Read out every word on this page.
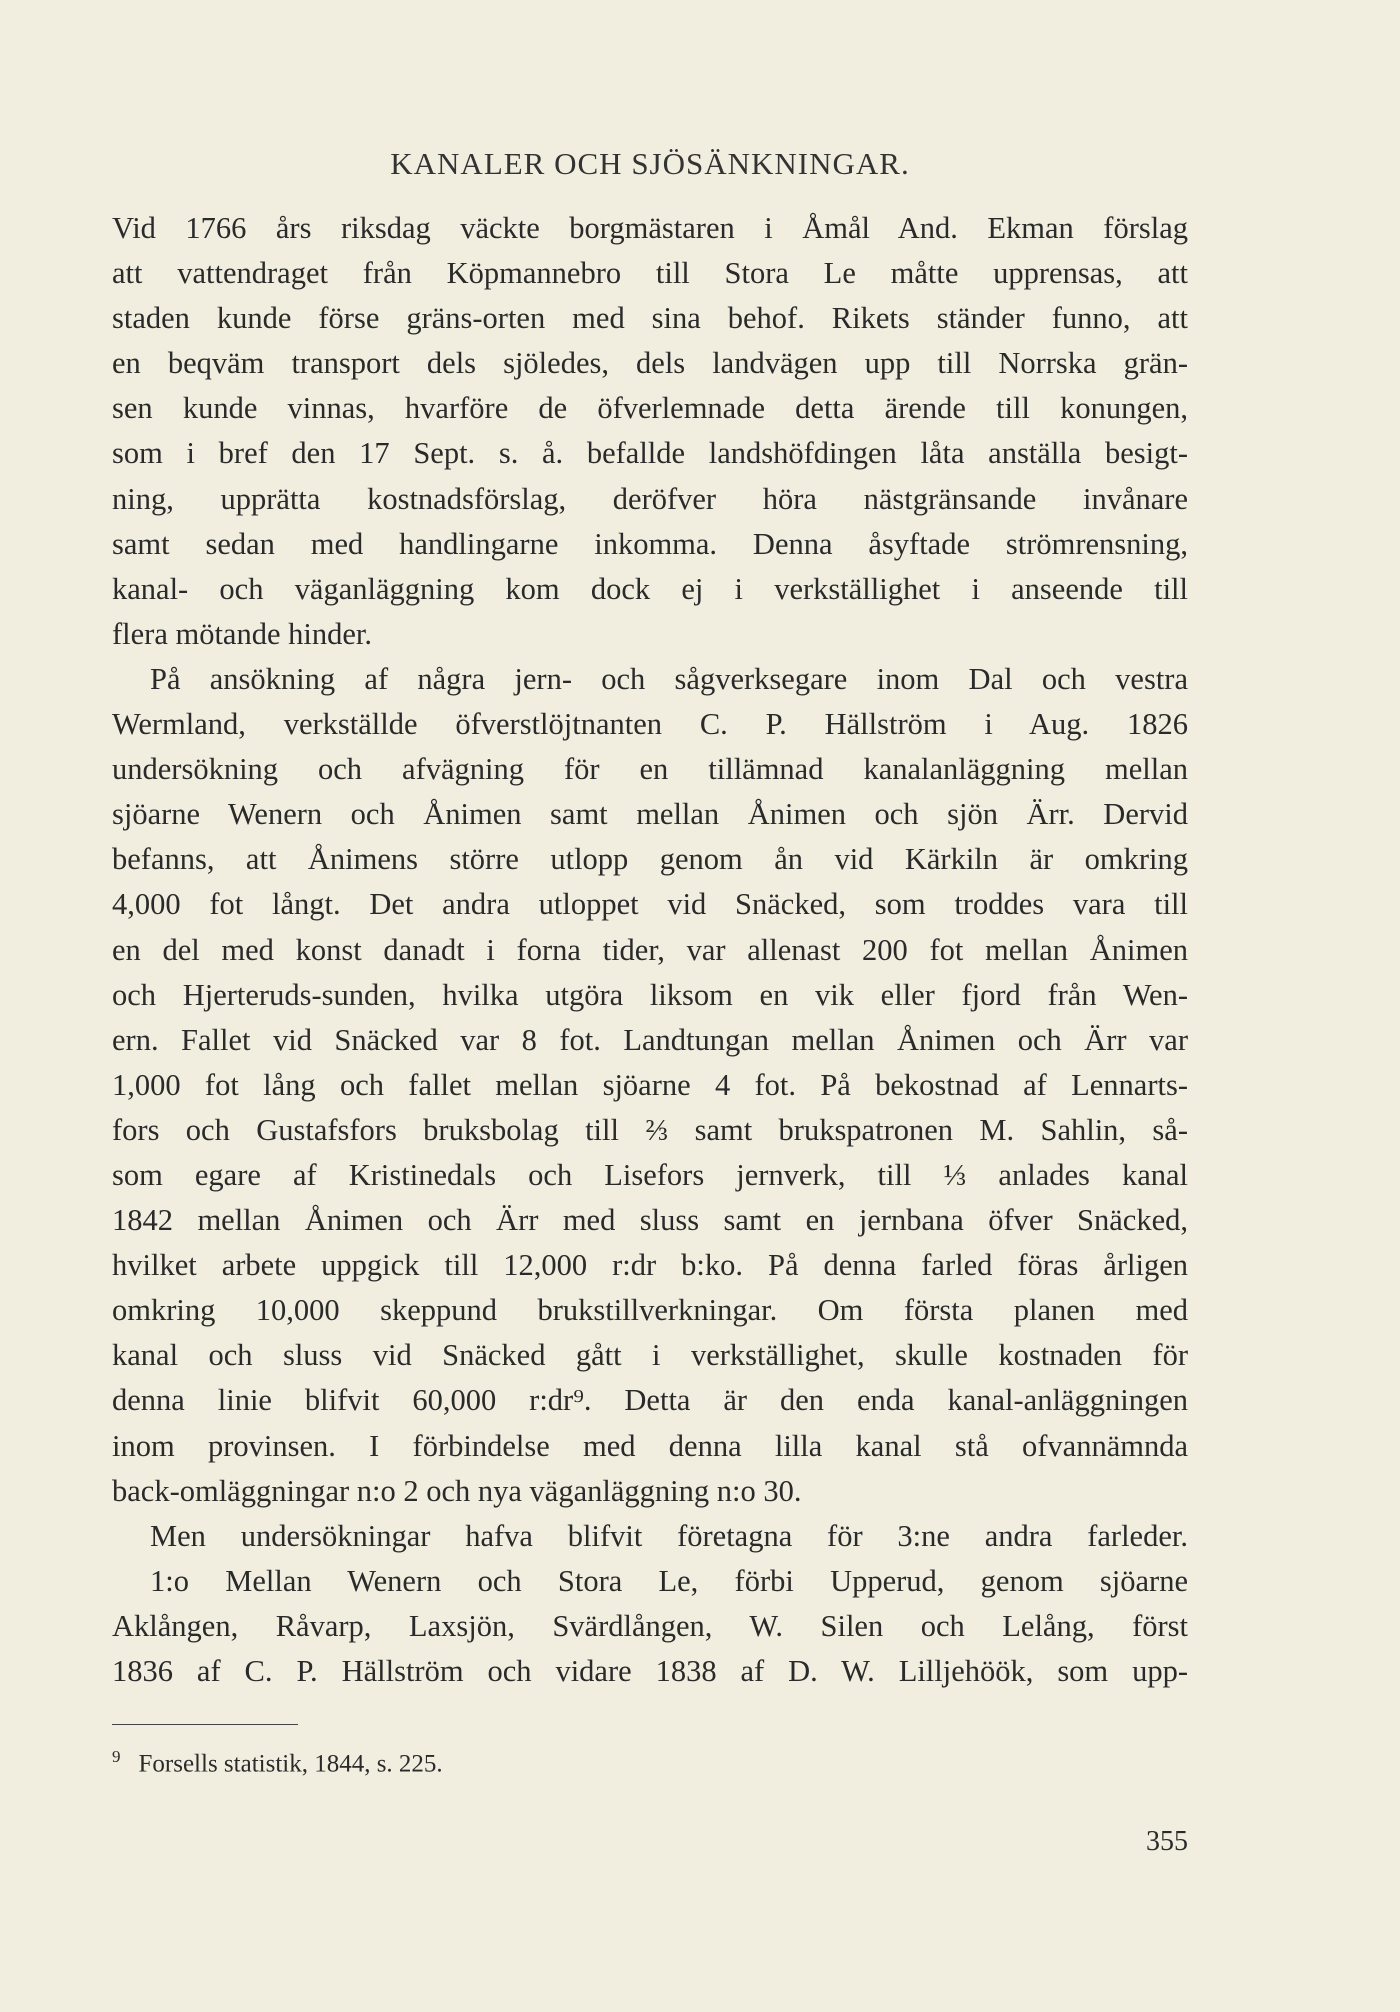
KANALER OCH SJÖSÄNKNINGAR.
Vid 1766 års riksdag väckte borgmästaren i Åmål And. Ekman förslag
att vattendraget från Köpmannebro till Stora Le måtte upprensas, att
staden kunde förse gräns-orten med sina behof. Rikets ständer funno, att
en beqväm transport dels sjöledes, dels landvägen upp till Norrska grän-
sen kunde vinnas, hvarföre de öfverlemnade detta ärende till konungen,
som i bref den 17 Sept. s. å. befallde landshöfdingen låta anställa besigt-
ning, upprätta kostnadsförslag, deröfver höra nästgränsande invånare
samt sedan med handlingarne inkomma. Denna åsyftade strömrensning,
kanal- och väganläggning kom dock ej i verkställighet i anseende till
flera mötande hinder.
På ansökning af några jern- och sågverksegare inom Dal och vestra
Wermland, verkställde öfverstlöjtnanten C. P. Hällström i Aug. 1826
undersökning och afvägning för en tillämnad kanalanläggning mellan
sjöarne Wenern och Ånimen samt mellan Ånimen och sjön Ärr. Dervid
befanns, att Ånimens större utlopp genom ån vid Kärkiln är omkring
4,000 fot långt. Det andra utloppet vid Snäcked, som troddes vara till
en del med konst danadt i forna tider, var allenast 200 fot mellan Ånimen
och Hjerteruds-sunden, hvilka utgöra liksom en vik eller fjord från Wen-
ern. Fallet vid Snäcked var 8 fot. Landtungan mellan Ånimen och Ärr var
1,000 fot lång och fallet mellan sjöarne 4 fot. På bekostnad af Lennarts-
fors och Gustafsfors bruksbolag till ⅔ samt brukspatronen M. Sahlin, så-
som egare af Kristinedals och Lisefors jernverk, till ⅓ anlades kanal
1842 mellan Ånimen och Ärr med sluss samt en jernbana öfver Snäcked,
hvilket arbete uppgick till 12,000 r:dr b:ko. På denna farled föras årligen
omkring 10,000 skeppund brukstillverkningar. Om första planen med
kanal och sluss vid Snäcked gått i verkställighet, skulle kostnaden för
denna linie blifvit 60,000 r:dr⁹. Detta är den enda kanal-anläggningen
inom provinsen. I förbindelse med denna lilla kanal stå ofvannämnda
back-omläggningar n:o 2 och nya väganläggning n:o 30.
Men undersökningar hafva blifvit företagna för 3:ne andra farleder.
1:o Mellan Wenern och Stora Le, förbi Upperud, genom sjöarne
Aklången, Råvarp, Laxsjön, Svärdlången, W. Silen och Lelång, först
1836 af C. P. Hällström och vidare 1838 af D. W. Lilljehöök, som upp-
$^9$ Forsells statistik, 1844, s. 225.
355
